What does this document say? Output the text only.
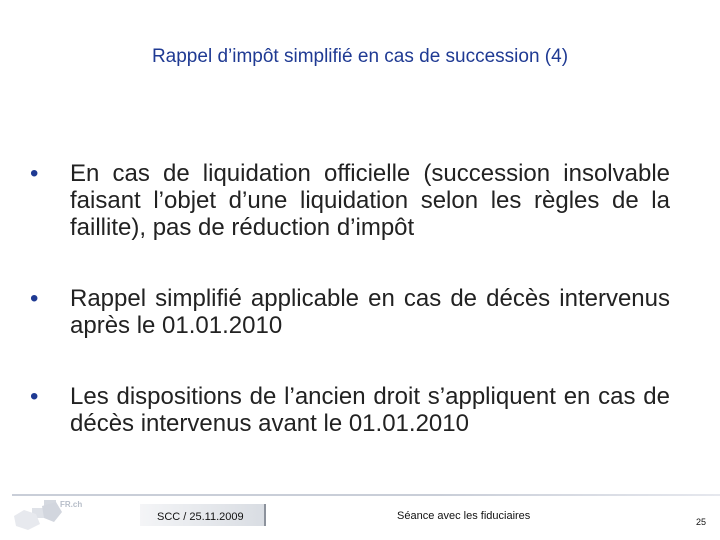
Rappel d’impôt simplifié en cas de succession (4)
•	En cas de liquidation officielle (succession insolvable faisant l’objet d’une liquidation selon les règles de la faillite), pas de réduction d’impôt
•	Rappel simplifié applicable en cas de décès intervenus après le 01.01.2010
•	Les dispositions de l’ancien droit s’appliquent en cas de décès intervenus avant le 01.01.2010
FR.ch
SCC / 25.11.2009	Séance avec les fiduciaires	25
